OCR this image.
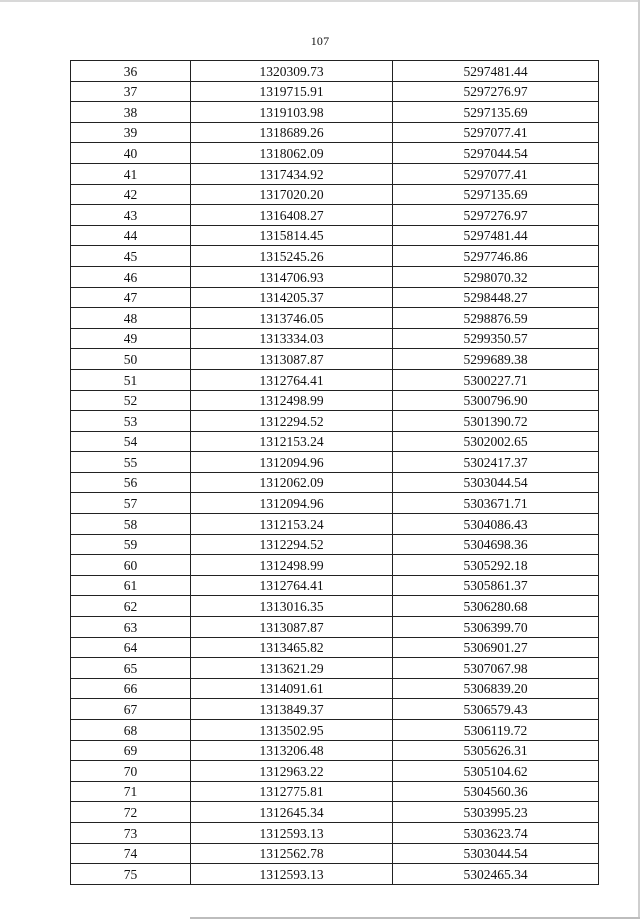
107
36	1320309.73	5297481.44
37	1319715.91	5297276.97
38	1319103.98	5297135.69
39	1318689.26	5297077.41
40	1318062.09	5297044.54
41	1317434.92	5297077.41
42	1317020.20	5297135.69
43	1316408.27	5297276.97
44	1315814.45	5297481.44
45	1315245.26	5297746.86
46	1314706.93	5298070.32
47	1314205.37	5298448.27
48	1313746.05	5298876.59
49	1313334.03	5299350.57
50	1313087.87	5299689.38
51	1312764.41	5300227.71
52	1312498.99	5300796.90
53	1312294.52	5301390.72
54	1312153.24	5302002.65
55	1312094.96	5302417.37
56	1312062.09	5303044.54
57	1312094.96	5303671.71
58	1312153.24	5304086.43
59	1312294.52	5304698.36
60	1312498.99	5305292.18
61	1312764.41	5305861.37
62	1313016.35	5306280.68
63	1313087.87	5306399.70
64	1313465.82	5306901.27
65	1313621.29	5307067.98
66	1314091.61	5306839.20
67	1313849.37	5306579.43
68	1313502.95	5306119.72
69	1313206.48	5305626.31
70	1312963.22	5305104.62
71	1312775.81	5304560.36
72	1312645.34	5303995.23
73	1312593.13	5303623.74
74	1312562.78	5303044.54
75	1312593.13	5302465.34
